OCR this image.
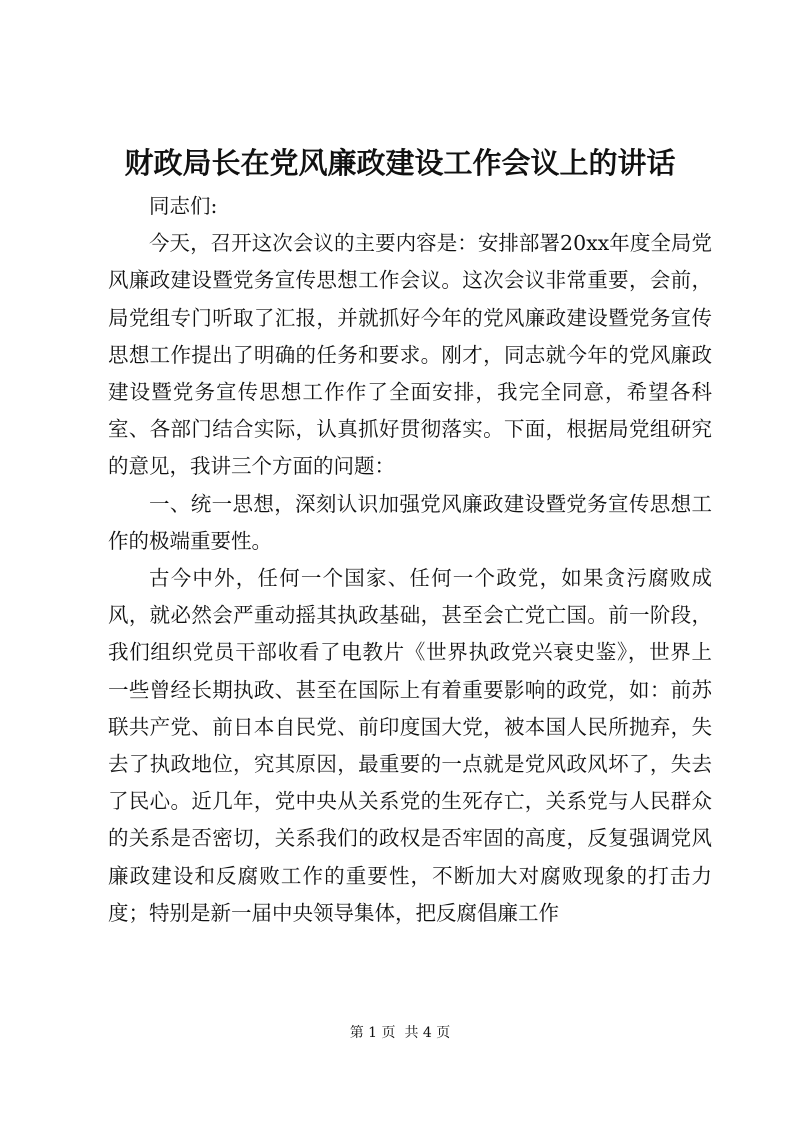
财政局长在党风廉政建设工作会议上的讲话

同志们:

今天，召开这次会议的主要内容是：安排部署20xx年度全局党风廉政建设暨党务宣传思想工作会议。这次会议非常重要，会前，局党组专门听取了汇报，并就抓好今年的党风廉政建设暨党务宣传思想工作提出了明确的任务和要求。刚才，同志就今年的党风廉政建设暨党务宣传思想工作作了全面安排，我完全同意，希望各科室、各部门结合实际，认真抓好贯彻落实。下面，根据局党组研究的意见，我讲三个方面的问题：

一、统一思想，深刻认识加强党风廉政建设暨党务宣传思想工作的极端重要性。

古今中外，任何一个国家、任何一个政党，如果贪污腐败成风，就必然会严重动摇其执政基础，甚至会亡党亡国。前一阶段，我们组织党员干部收看了电教片《世界执政党兴衰史鉴》，世界上一些曾经长期执政、甚至在国际上有着重要影响的政党，如：前苏联共产党、前日本自民党、前印度国大党，被本国人民所抛弃，失去了执政地位，究其原因，最重要的一点就是党风政风坏了，失去了民心。近几年，党中央从关系党的生死存亡，关系党与人民群众的关系是否密切，关系我们的政权是否牢固的高度，反复强调党风廉政建设和反腐败工作的重要性，不断加大对腐败现象的打击力度；特别是新一届中央领导集体，把反腐倡廉工作

第 1 页  共 4 页
